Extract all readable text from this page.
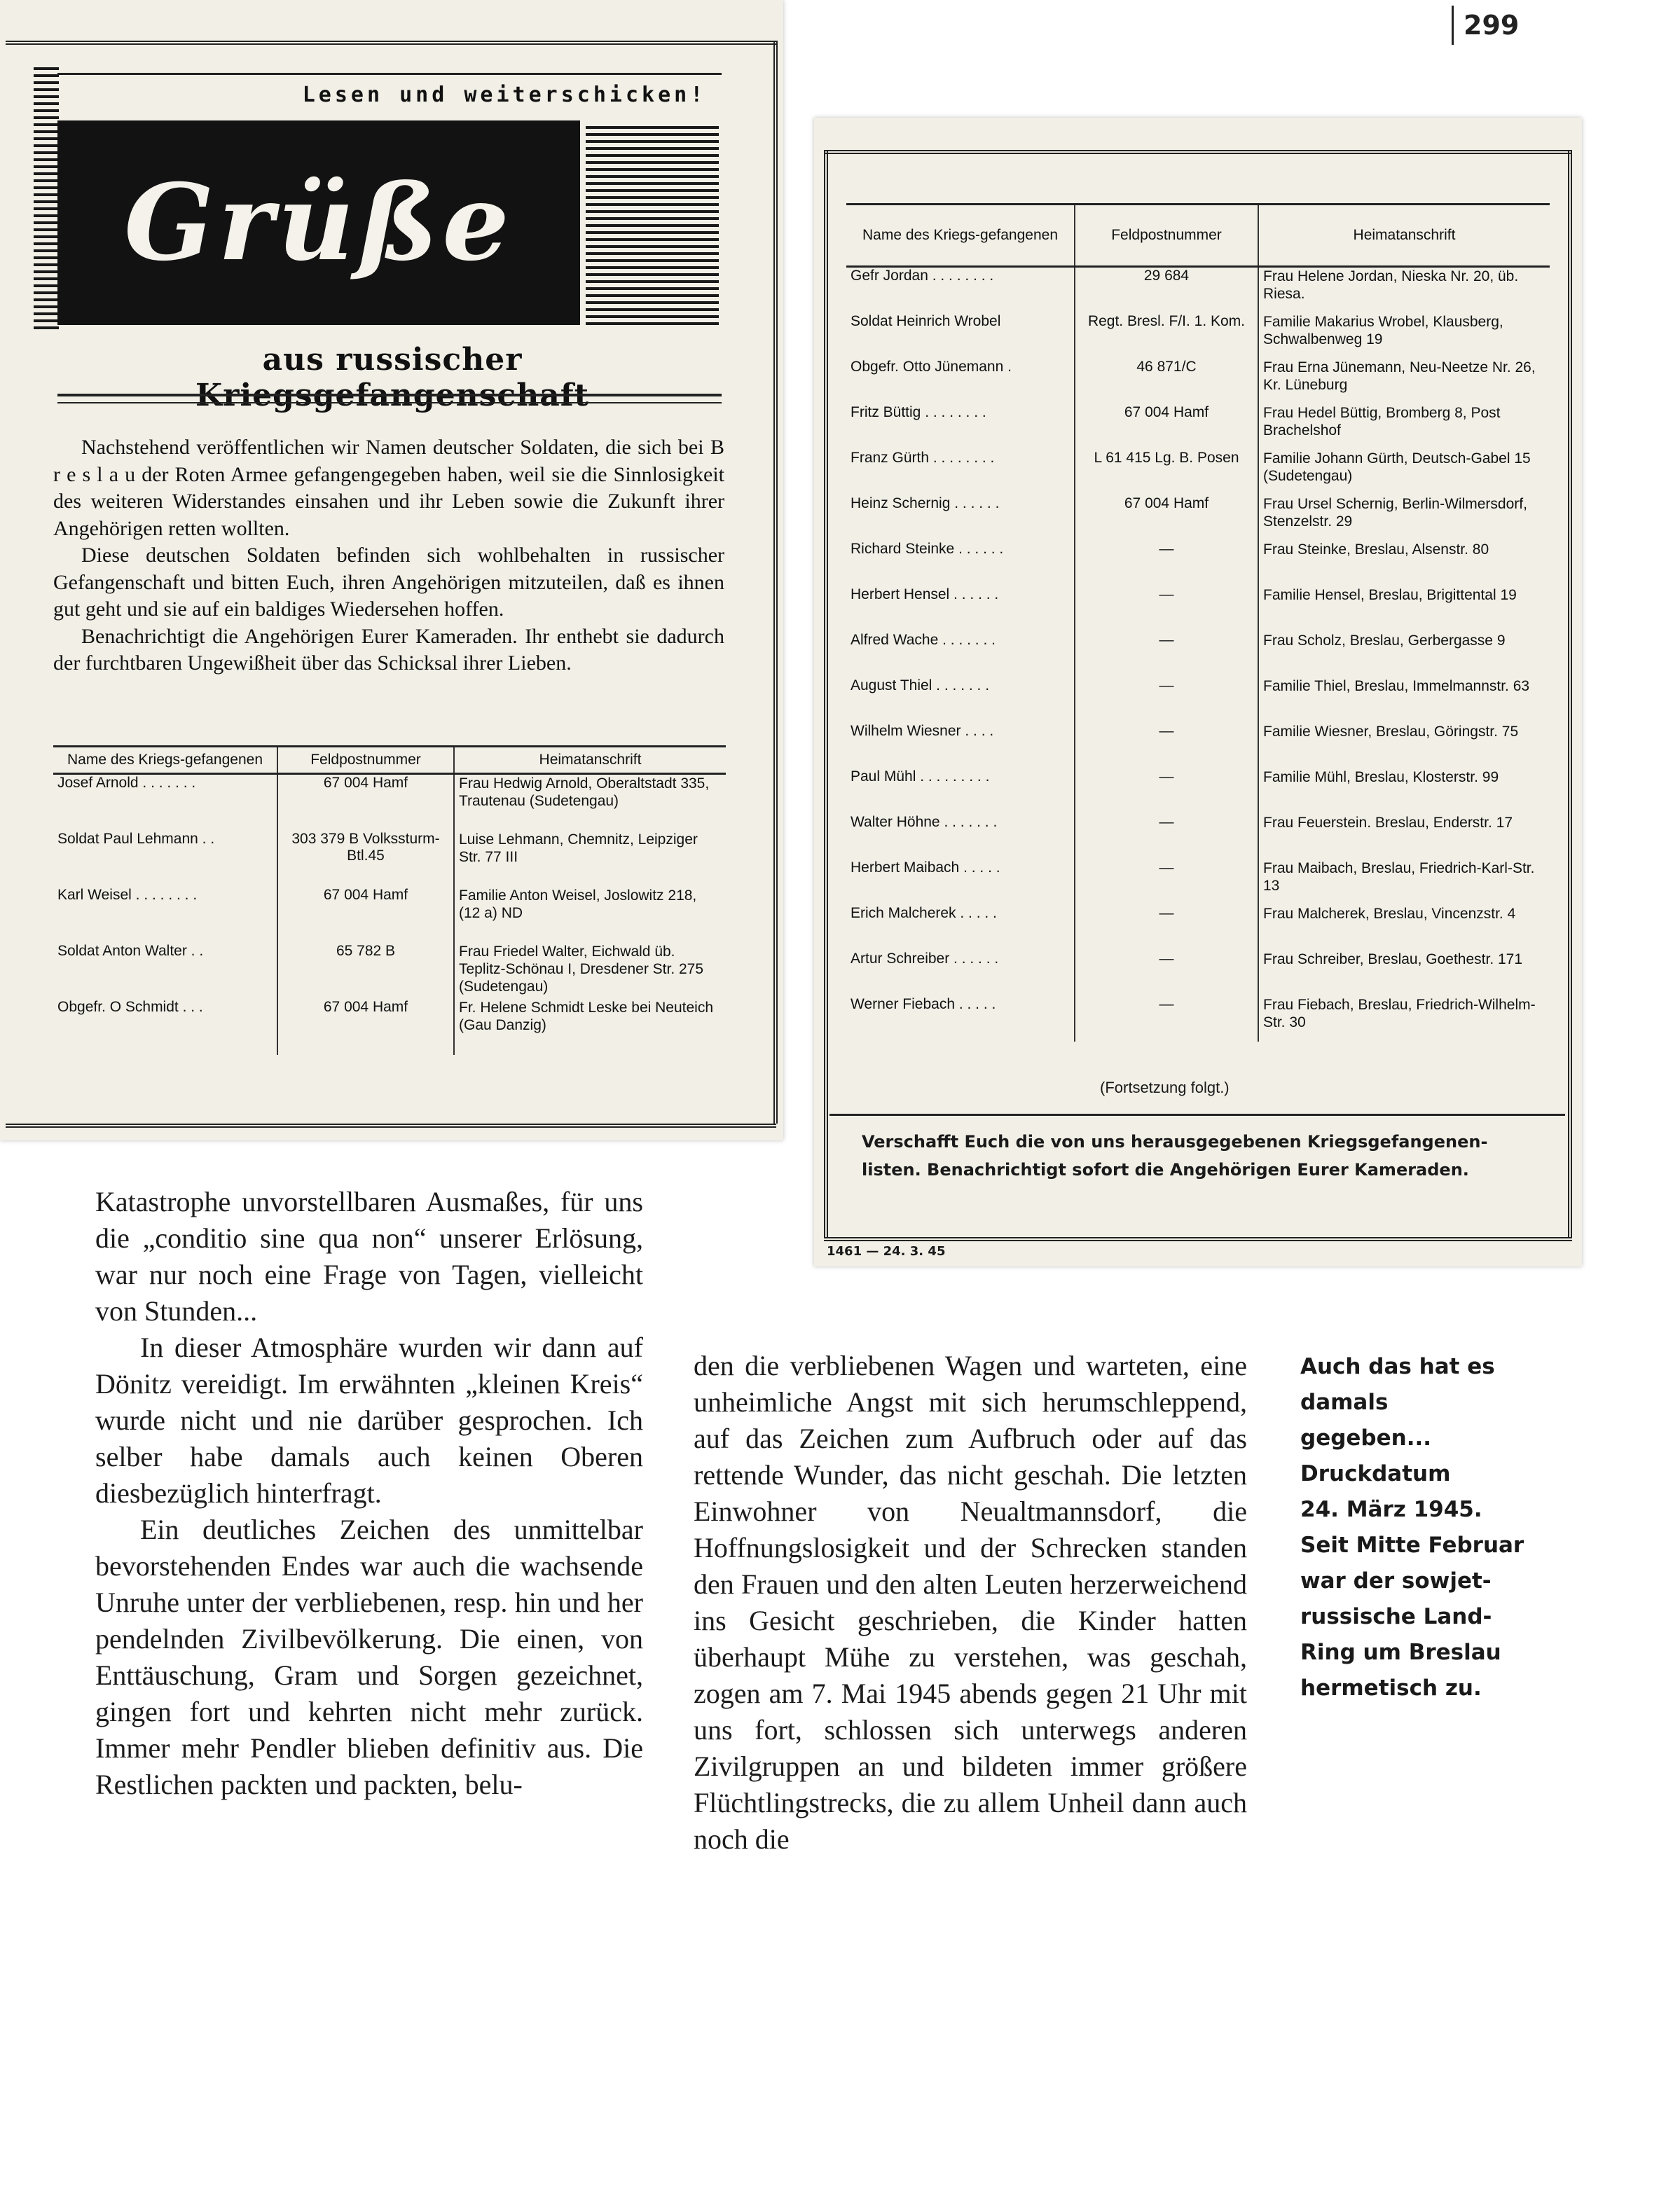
299
Lesen und weiterschicken!
Grüße
aus russischer Kriegsgefangenschaft

Nachstehend veröffentlichen wir Namen deutscher Soldaten, die sich bei B r e s l a u der Roten Armee gefangengegeben haben, weil sie die Sinnlosigkeit des weiteren Widerstandes einsahen und ihr Leben sowie die Zukunft ihrer Angehörigen retten wollten.

Diese deutschen Soldaten befinden sich wohlbehalten in russischer Gefangenschaft und bitten Euch, ihren Angehörigen mitzuteilen, daß es ihnen gut geht und sie auf ein baldiges Wiedersehen hoffen.

Benachrichtigt die Angehörigen Eurer Kameraden. Ihr enthebt sie dadurch der furchtbaren Ungewißheit über das Schicksal ihrer Lieben.

Name des Kriegs-gefangenen	Feldpostnummer	Heimatanschrift
Josef Arnold . . . . . . .	67 004 Hamf	Frau Hedwig Arnold, Oberaltstadt 335, Trautenau (Sudetengau)
Soldat Paul Lehmann . .	303 379 B Volkssturm-Btl.45	Luise Lehmann, Chemnitz, Leipziger Str. 77 III
Karl Weisel . . . . . . . .	67 004 Hamf	Familie Anton Weisel, Joslowitz 218, (12 a) ND
Soldat Anton Walter . .	65 782 B	Frau Friedel Walter, Eichwald üb. Teplitz-Schönau I, Dresdener Str. 275 (Sudetengau)
Obgefr. O Schmidt . . .	67 004 Hamf	Fr. Helene Schmidt Leske bei Neuteich (Gau Danzig)
Name des Kriegs-gefangenen	Feldpostnummer	Heimatanschrift
Gefr Jordan . . . . . . . .	29 684	Frau Helene Jordan, Nieska Nr. 20, üb. Riesa.
Soldat Heinrich Wrobel	Regt. Bresl. F/I. 1. Kom.	Familie Makarius Wrobel, Klausberg, Schwalbenweg 19
Obgefr. Otto Jünemann .	46 871/C	Frau Erna Jünemann, Neu-Neetze Nr. 26, Kr. Lüneburg
Fritz Büttig . . . . . . . .	67 004 Hamf	Frau Hedel Büttig, Bromberg 8, Post Brachelshof
Franz Gürth . . . . . . . .	L 61 415 Lg. B. Posen	Familie Johann Gürth, Deutsch-Gabel 15 (Sudetengau)
Heinz Schernig . . . . . .	67 004 Hamf	Frau Ursel Schernig, Berlin-Wilmersdorf, Stenzelstr. 29
Richard Steinke . . . . . .	—	Frau Steinke, Breslau, Alsenstr. 80
Herbert Hensel . . . . . .	—	Familie Hensel, Breslau, Brigittental 19
Alfred Wache . . . . . . .	—	Frau Scholz, Breslau, Gerbergasse 9
August Thiel . . . . . . .	—	Familie Thiel, Breslau, Immelmannstr. 63
Wilhelm Wiesner . . . .	—	Familie Wiesner, Breslau, Göringstr. 75
Paul Mühl . . . . . . . . .	—	Familie Mühl, Breslau, Klosterstr. 99
Walter Höhne . . . . . . .	—	Frau Feuerstein. Breslau, Enderstr. 17
Herbert Maibach . . . . .	—	Frau Maibach, Breslau, Friedrich-Karl-Str. 13
Erich Malcherek . . . . .	—	Frau Malcherek, Breslau, Vincenzstr. 4
Artur Schreiber . . . . . .	—	Frau Schreiber, Breslau, Goethestr. 171
Werner Fiebach . . . . .	—	Frau Fiebach, Breslau, Friedrich-Wilhelm-Str. 30
(Fortsetzung folgt.)
Verschafft Euch die von uns herausgegebenen Kriegsgefangenen-
listen. Benachrichtigt sofort die Angehörigen Eurer Kameraden.
1461 — 24. 3. 45

Katastrophe unvorstellbaren Ausmaßes, für uns die „conditio sine qua non“ unserer Erlösung, war nur noch eine Frage von Tagen, vielleicht von Stunden...

In dieser Atmosphäre wurden wir dann auf Dönitz vereidigt. Im erwähnten „kleinen Kreis“ wurde nicht und nie darüber gesprochen. Ich selber habe damals auch keinen Oberen diesbezüglich hinterfragt.

Ein deutliches Zeichen des unmittelbar bevorstehenden Endes war auch die wachsende Unruhe unter der verbliebenen, resp. hin und her pendelnden Zivilbevölkerung. Die einen, von Enttäuschung, Gram und Sorgen gezeichnet, gingen fort und kehrten nicht mehr zurück. Immer mehr Pendler blieben definitiv aus. Die Restlichen packten und packten, belu-

den die verbliebenen Wagen und warteten, eine unheimliche Angst mit sich herumschleppend, auf das Zeichen zum Aufbruch oder auf das rettende Wunder, das nicht geschah. Die letzten Einwohner von Neualtmannsdorf, die Hoffnungslosigkeit und der Schrecken standen den Frauen und den alten Leuten herzerweichend ins Gesicht geschrieben, die Kinder hatten überhaupt Mühe zu verstehen, was geschah, zogen am 7. Mai 1945 abends gegen 21 Uhr mit uns fort, schlossen sich unterwegs anderen Zivilgruppen an und bildeten immer größere Flüchtlingstrecks, die zu allem Unheil dann auch noch die

Auch das hat es

damals gegeben...

Druckdatum

24. März 1945.

Seit Mitte Februar

war der sowjet-

russische Land-

Ring um Breslau

hermetisch zu.
